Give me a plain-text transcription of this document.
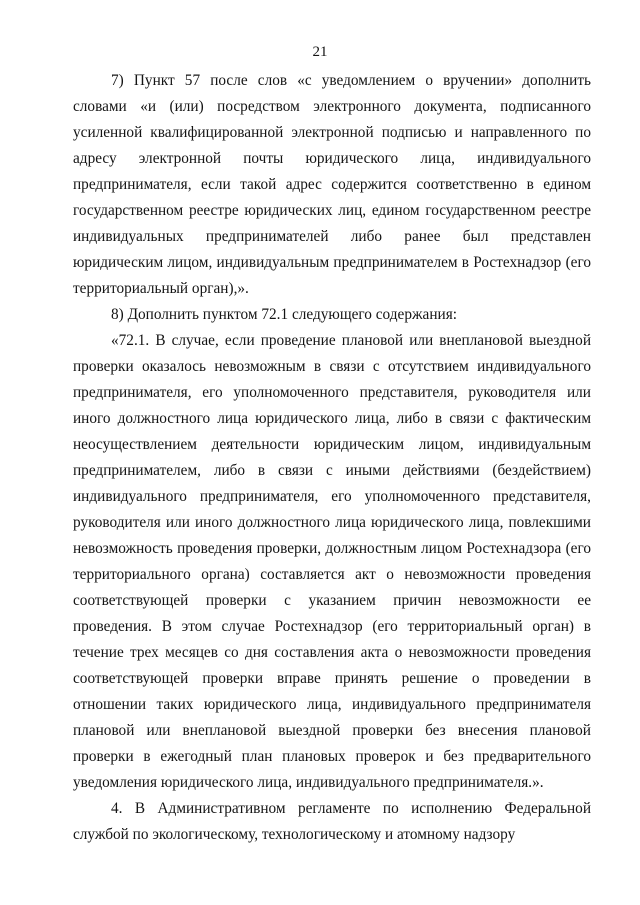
21

7) Пункт 57 после слов «с уведомлением о вручении» дополнить словами «и (или) посредством электронного документа, подписанного усиленной квалифицированной электронной подписью и направленного по адресу электронной почты юридического лица, индивидуального предпринимателя, если такой адрес содержится соответственно в едином государственном реестре юридических лиц, едином государственном реестре индивидуальных предпринимателей либо ранее был представлен юридическим лицом, индивидуальным предпринимателем в Ростехнадзор (его территориальный орган),».

8) Дополнить пунктом 72.1 следующего содержания:

«72.1. В случае, если проведение плановой или внеплановой выездной проверки оказалось невозможным в связи с отсутствием индивидуального предпринимателя, его уполномоченного представителя, руководителя или иного должностного лица юридического лица, либо в связи с фактическим неосуществлением деятельности юридическим лицом, индивидуальным предпринимателем, либо в связи с иными действиями (бездействием) индивидуального предпринимателя, его уполномоченного представителя, руководителя или иного должностного лица юридического лица, повлекшими невозможность проведения проверки, должностным лицом Ростехнадзора (его территориального органа) составляется акт о невозможности проведения соответствующей проверки с указанием причин невозможности ее проведения. В этом случае Ростехнадзор (его территориальный орган) в течение трех месяцев со дня составления акта о невозможности проведения соответствующей проверки вправе принять решение о проведении в отношении таких юридического лица, индивидуального предпринимателя плановой или внеплановой выездной проверки без внесения плановой проверки в ежегодный план плановых проверок и без предварительного уведомления юридического лица, индивидуального предпринимателя.».

4. В Административном регламенте по исполнению Федеральной службой по экологическому, технологическому и атомному надзору
